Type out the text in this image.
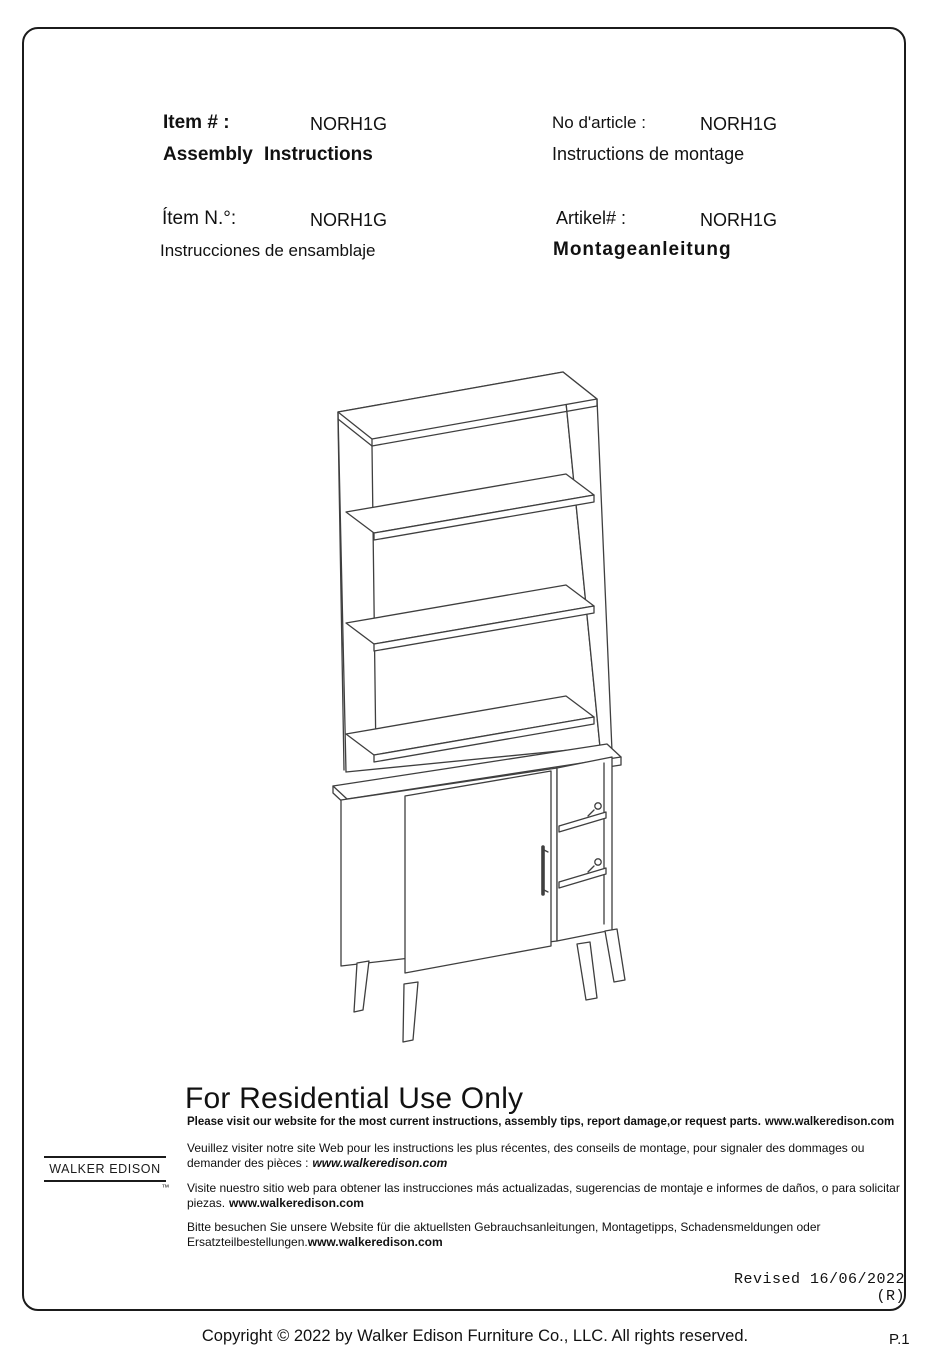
Item # :	NORH1G
Assembly Instructions
No d'article :	NORH1G
Instructions de montage
Ítem N.°:	NORH1G
Instrucciones de ensamblaje
Artikel# :	NORH1G
Montageanleitung
For Residential Use Only

Please visit our website for the most current instructions, assembly tips, report damage,or request parts. www.walkeredison.com

Veuillez visiter notre site Web pour les instructions les plus récentes, des conseils de montage, pour signaler des dommages ou demander des pièces : www.walkeredison.com

Visite nuestro sitio web para obtener las instrucciones más actualizadas, sugerencias de montaje e informes de daños, o para solicitar piezas. www.walkeredison.com

Bitte besuchen Sie unsere Website für die aktuellsten Gebrauchsanleitungen, Montagetipps, Schadensmeldungen oder Ersatzteilbestellungen.www.walkeredison.com

WALKER EDISON
™
Revised 16/06/2022 (R)
Copyright © 2022 by Walker Edison Furniture Co., LLC. All rights reserved.	P.1
